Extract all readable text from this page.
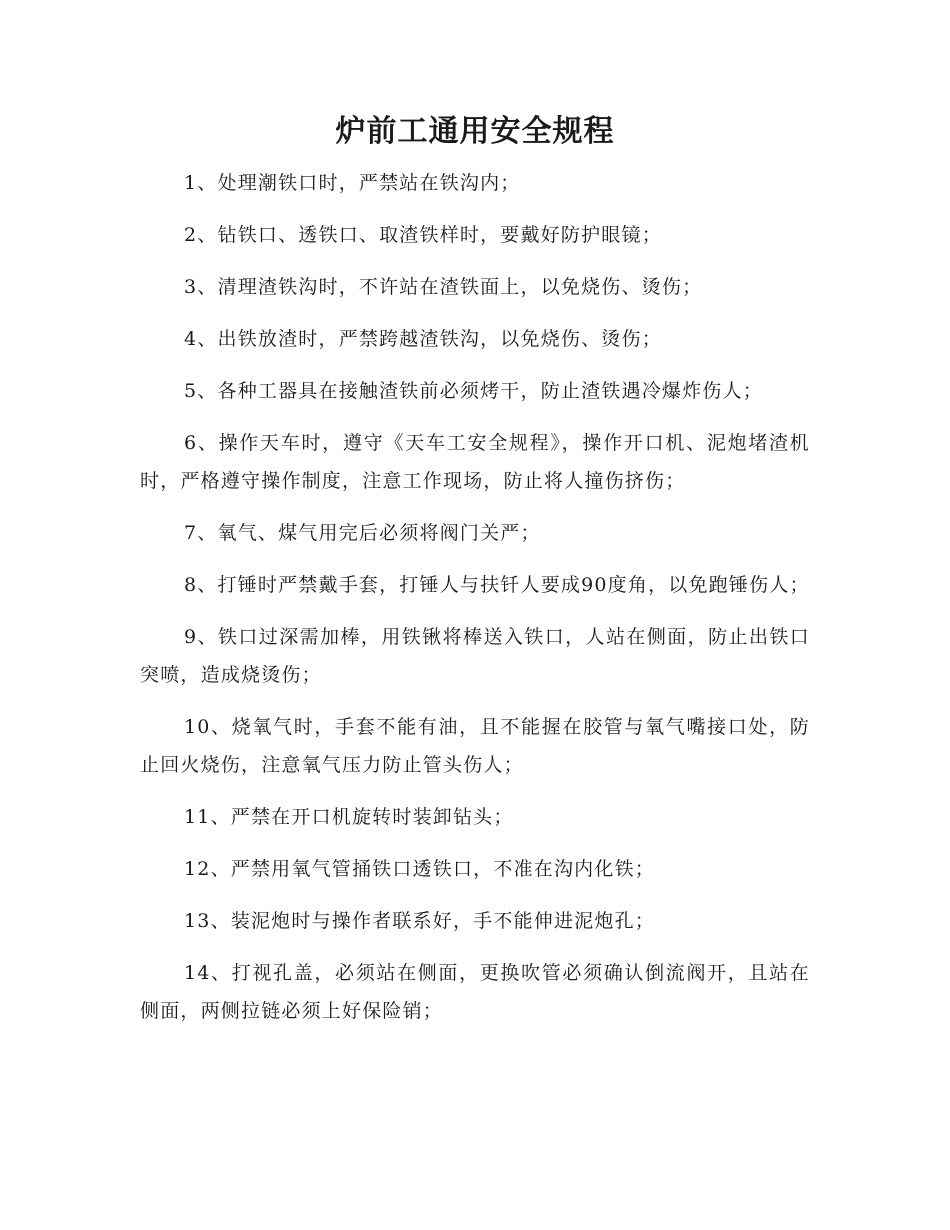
炉前工通用安全规程

1、处理潮铁口时，严禁站在铁沟内；

2、钻铁口、透铁口、取渣铁样时，要戴好防护眼镜；

3、清理渣铁沟时，不许站在渣铁面上，以免烧伤、烫伤；

4、出铁放渣时，严禁跨越渣铁沟，以免烧伤、烫伤；

5、各种工器具在接触渣铁前必须烤干，防止渣铁遇冷爆炸伤人；

6、操作天车时，遵守《天车工安全规程》，操作开口机、泥炮堵渣机时，严格遵守操作制度，注意工作现场，防止将人撞伤挤伤；

7、氧气、煤气用完后必须将阀门关严；

8、打锤时严禁戴手套，打锤人与扶钎人要成90度角，以免跑锤伤人；

9、铁口过深需加棒，用铁锹将棒送入铁口，人站在侧面，防止出铁口突喷，造成烧烫伤；

10、烧氧气时，手套不能有油，且不能握在胶管与氧气嘴接口处，防止回火烧伤，注意氧气压力防止管头伤人；

11、严禁在开口机旋转时装卸钻头；

12、严禁用氧气管捅铁口透铁口，不准在沟内化铁；

13、装泥炮时与操作者联系好，手不能伸进泥炮孔；

14、打视孔盖，必须站在侧面，更换吹管必须确认倒流阀开，且站在侧面，两侧拉链必须上好保险销；
